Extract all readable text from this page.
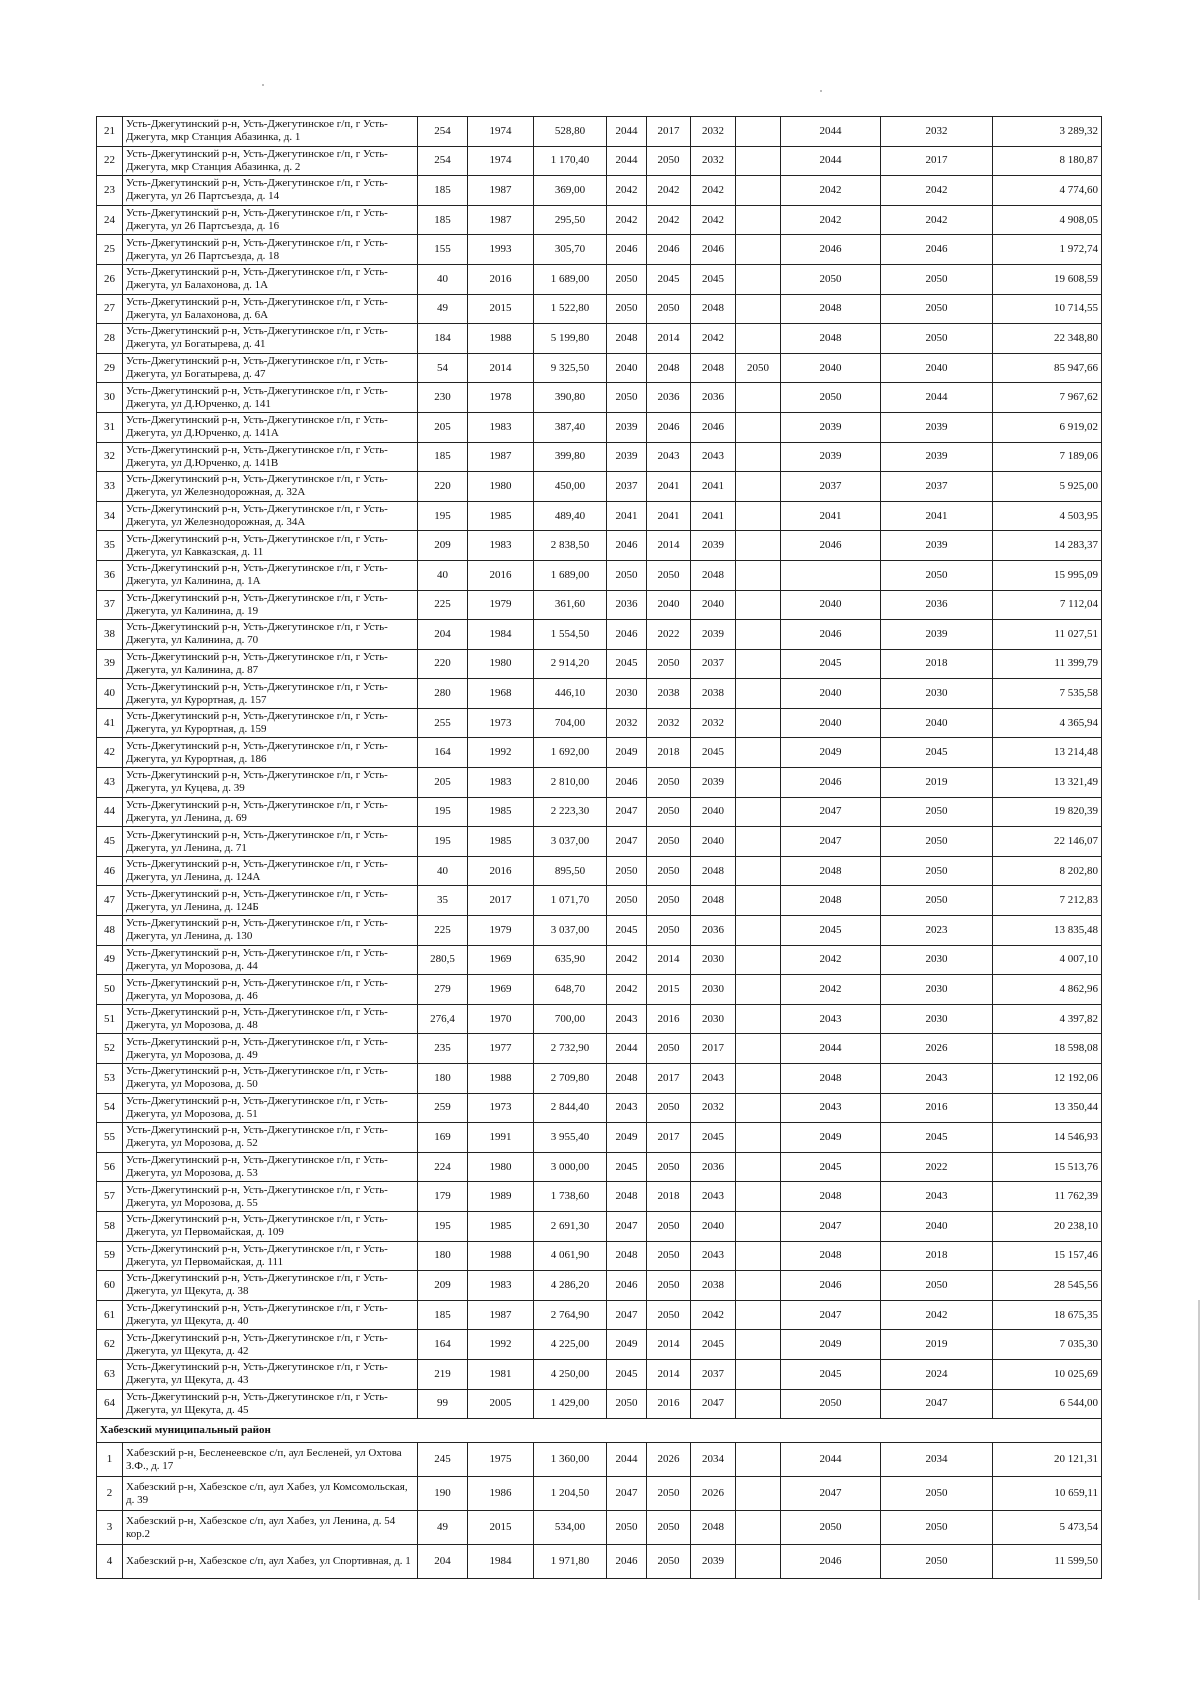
21	Усть-Джегутинский р-н, Усть-Джегутинское г/п, г Усть-Джегута, мкр Станция Абазинка, д. 1	254	1974	528,80	2044	2017	2032		2044	2032	3 289,32
22	Усть-Джегутинский р-н, Усть-Джегутинское г/п, г Усть-Джегута, мкр Станция Абазинка, д. 2	254	1974	1 170,40	2044	2050	2032		2044	2017	8 180,87
23	Усть-Джегутинский р-н, Усть-Джегутинское г/п, г Усть-Джегута, ул 26 Партсъезда, д. 14	185	1987	369,00	2042	2042	2042		2042	2042	4 774,60
24	Усть-Джегутинский р-н, Усть-Джегутинское г/п, г Усть-Джегута, ул 26 Партсъезда, д. 16	185	1987	295,50	2042	2042	2042		2042	2042	4 908,05
25	Усть-Джегутинский р-н, Усть-Джегутинское г/п, г Усть-Джегута, ул 26 Партсъезда, д. 18	155	1993	305,70	2046	2046	2046		2046	2046	1 972,74
26	Усть-Джегутинский р-н, Усть-Джегутинское г/п, г Усть-Джегута, ул Балахонова, д. 1А	40	2016	1 689,00	2050	2045	2045		2050	2050	19 608,59
27	Усть-Джегутинский р-н, Усть-Джегутинское г/п, г Усть-Джегута, ул Балахонова, д. 6А	49	2015	1 522,80	2050	2050	2048		2048	2050	10 714,55
28	Усть-Джегутинский р-н, Усть-Джегутинское г/п, г Усть-Джегута, ул Богатырева, д. 41	184	1988	5 199,80	2048	2014	2042		2048	2050	22 348,80
29	Усть-Джегутинский р-н, Усть-Джегутинское г/п, г Усть-Джегута, ул Богатырева, д. 47	54	2014	9 325,50	2040	2048	2048	2050	2040	2040	85 947,66
30	Усть-Джегутинский р-н, Усть-Джегутинское г/п, г Усть-Джегута, ул Д.Юрченко, д. 141	230	1978	390,80	2050	2036	2036		2050	2044	7 967,62
31	Усть-Джегутинский р-н, Усть-Джегутинское г/п, г Усть-Джегута, ул Д.Юрченко, д. 141А	205	1983	387,40	2039	2046	2046		2039	2039	6 919,02
32	Усть-Джегутинский р-н, Усть-Джегутинское г/п, г Усть-Джегута, ул Д.Юрченко, д. 141В	185	1987	399,80	2039	2043	2043		2039	2039	7 189,06
33	Усть-Джегутинский р-н, Усть-Джегутинское г/п, г Усть-Джегута, ул Железнодорожная, д. 32А	220	1980	450,00	2037	2041	2041		2037	2037	5 925,00
34	Усть-Джегутинский р-н, Усть-Джегутинское г/п, г Усть-Джегута, ул Железнодорожная, д. 34А	195	1985	489,40	2041	2041	2041		2041	2041	4 503,95
35	Усть-Джегутинский р-н, Усть-Джегутинское г/п, г Усть-Джегута, ул Кавказская, д. 11	209	1983	2 838,50	2046	2014	2039		2046	2039	14 283,37
36	Усть-Джегутинский р-н, Усть-Джегутинское г/п, г Усть-Джегута, ул Калинина, д. 1А	40	2016	1 689,00	2050	2050	2048			2050	15 995,09
37	Усть-Джегутинский р-н, Усть-Джегутинское г/п, г Усть-Джегута, ул Калинина, д. 19	225	1979	361,60	2036	2040	2040		2040	2036	7 112,04
38	Усть-Джегутинский р-н, Усть-Джегутинское г/п, г Усть-Джегута, ул Калинина, д. 70	204	1984	1 554,50	2046	2022	2039		2046	2039	11 027,51
39	Усть-Джегутинский р-н, Усть-Джегутинское г/п, г Усть-Джегута, ул Калинина, д. 87	220	1980	2 914,20	2045	2050	2037		2045	2018	11 399,79
40	Усть-Джегутинский р-н, Усть-Джегутинское г/п, г Усть-Джегута, ул Курортная, д. 157	280	1968	446,10	2030	2038	2038		2040	2030	7 535,58
41	Усть-Джегутинский р-н, Усть-Джегутинское г/п, г Усть-Джегута, ул Курортная, д. 159	255	1973	704,00	2032	2032	2032		2040	2040	4 365,94
42	Усть-Джегутинский р-н, Усть-Джегутинское г/п, г Усть-Джегута, ул Курортная, д. 186	164	1992	1 692,00	2049	2018	2045		2049	2045	13 214,48
43	Усть-Джегутинский р-н, Усть-Джегутинское г/п, г Усть-Джегута, ул Куцева, д. 39	205	1983	2 810,00	2046	2050	2039		2046	2019	13 321,49
44	Усть-Джегутинский р-н, Усть-Джегутинское г/п, г Усть-Джегута, ул Ленина, д. 69	195	1985	2 223,30	2047	2050	2040		2047	2050	19 820,39
45	Усть-Джегутинский р-н, Усть-Джегутинское г/п, г Усть-Джегута, ул Ленина, д. 71	195	1985	3 037,00	2047	2050	2040		2047	2050	22 146,07
46	Усть-Джегутинский р-н, Усть-Джегутинское г/п, г Усть-Джегута, ул Ленина, д. 124А	40	2016	895,50	2050	2050	2048		2048	2050	8 202,80
47	Усть-Джегутинский р-н, Усть-Джегутинское г/п, г Усть-Джегута, ул Ленина, д. 124Б	35	2017	1 071,70	2050	2050	2048		2048	2050	7 212,83
48	Усть-Джегутинский р-н, Усть-Джегутинское г/п, г Усть-Джегута, ул Ленина, д. 130	225	1979	3 037,00	2045	2050	2036		2045	2023	13 835,48
49	Усть-Джегутинский р-н, Усть-Джегутинское г/п, г Усть-Джегута, ул Морозова, д. 44	280,5	1969	635,90	2042	2014	2030		2042	2030	4 007,10
50	Усть-Джегутинский р-н, Усть-Джегутинское г/п, г Усть-Джегута, ул Морозова, д. 46	279	1969	648,70	2042	2015	2030		2042	2030	4 862,96
51	Усть-Джегутинский р-н, Усть-Джегутинское г/п, г Усть-Джегута, ул Морозова, д. 48	276,4	1970	700,00	2043	2016	2030		2043	2030	4 397,82
52	Усть-Джегутинский р-н, Усть-Джегутинское г/п, г Усть-Джегута, ул Морозова, д. 49	235	1977	2 732,90	2044	2050	2017		2044	2026	18 598,08
53	Усть-Джегутинский р-н, Усть-Джегутинское г/п, г Усть-Джегута, ул Морозова, д. 50	180	1988	2 709,80	2048	2017	2043		2048	2043	12 192,06
54	Усть-Джегутинский р-н, Усть-Джегутинское г/п, г Усть-Джегута, ул Морозова, д. 51	259	1973	2 844,40	2043	2050	2032		2043	2016	13 350,44
55	Усть-Джегутинский р-н, Усть-Джегутинское г/п, г Усть-Джегута, ул Морозова, д. 52	169	1991	3 955,40	2049	2017	2045		2049	2045	14 546,93
56	Усть-Джегутинский р-н, Усть-Джегутинское г/п, г Усть-Джегута, ул Морозова, д. 53	224	1980	3 000,00	2045	2050	2036		2045	2022	15 513,76
57	Усть-Джегутинский р-н, Усть-Джегутинское г/п, г Усть-Джегута, ул Морозова, д. 55	179	1989	1 738,60	2048	2018	2043		2048	2043	11 762,39
58	Усть-Джегутинский р-н, Усть-Джегутинское г/п, г Усть-Джегута, ул Первомайская, д. 109	195	1985	2 691,30	2047	2050	2040		2047	2040	20 238,10
59	Усть-Джегутинский р-н, Усть-Джегутинское г/п, г Усть-Джегута, ул Первомайская, д. 111	180	1988	4 061,90	2048	2050	2043		2048	2018	15 157,46
60	Усть-Джегутинский р-н, Усть-Джегутинское г/п, г Усть-Джегута, ул Щекута, д. 38	209	1983	4 286,20	2046	2050	2038		2046	2050	28 545,56
61	Усть-Джегутинский р-н, Усть-Джегутинское г/п, г Усть-Джегута, ул Щекута, д. 40	185	1987	2 764,90	2047	2050	2042		2047	2042	18 675,35
62	Усть-Джегутинский р-н, Усть-Джегутинское г/п, г Усть-Джегута, ул Щекута, д. 42	164	1992	4 225,00	2049	2014	2045		2049	2019	7 035,30
63	Усть-Джегутинский р-н, Усть-Джегутинское г/п, г Усть-Джегута, ул Щекута, д. 43	219	1981	4 250,00	2045	2014	2037		2045	2024	10 025,69
64	Усть-Джегутинский р-н, Усть-Джегутинское г/п, г Усть-Джегута, ул Щекута, д. 45	99	2005	1 429,00	2050	2016	2047		2050	2047	6 544,00
Хабезский муниципальный район											
1	Хабезский р-н, Бесленеевское с/п, аул Бесленей, ул Охтова З.Ф., д. 17	245	1975	1 360,00	2044	2026	2034		2044	2034	20 121,31
2	Хабезский р-н, Хабезское с/п, аул Хабез, ул Комсомольская, д. 39	190	1986	1 204,50	2047	2050	2026		2047	2050	10 659,11
3	Хабезский р-н, Хабезское с/п, аул Хабез, ул Ленина, д. 54 кор.2	49	2015	534,00	2050	2050	2048		2050	2050	5 473,54
4	Хабезский р-н, Хабезское с/п, аул Хабез, ул Спортивная, д. 1	204	1984	1 971,80	2046	2050	2039		2046	2050	11 599,50
